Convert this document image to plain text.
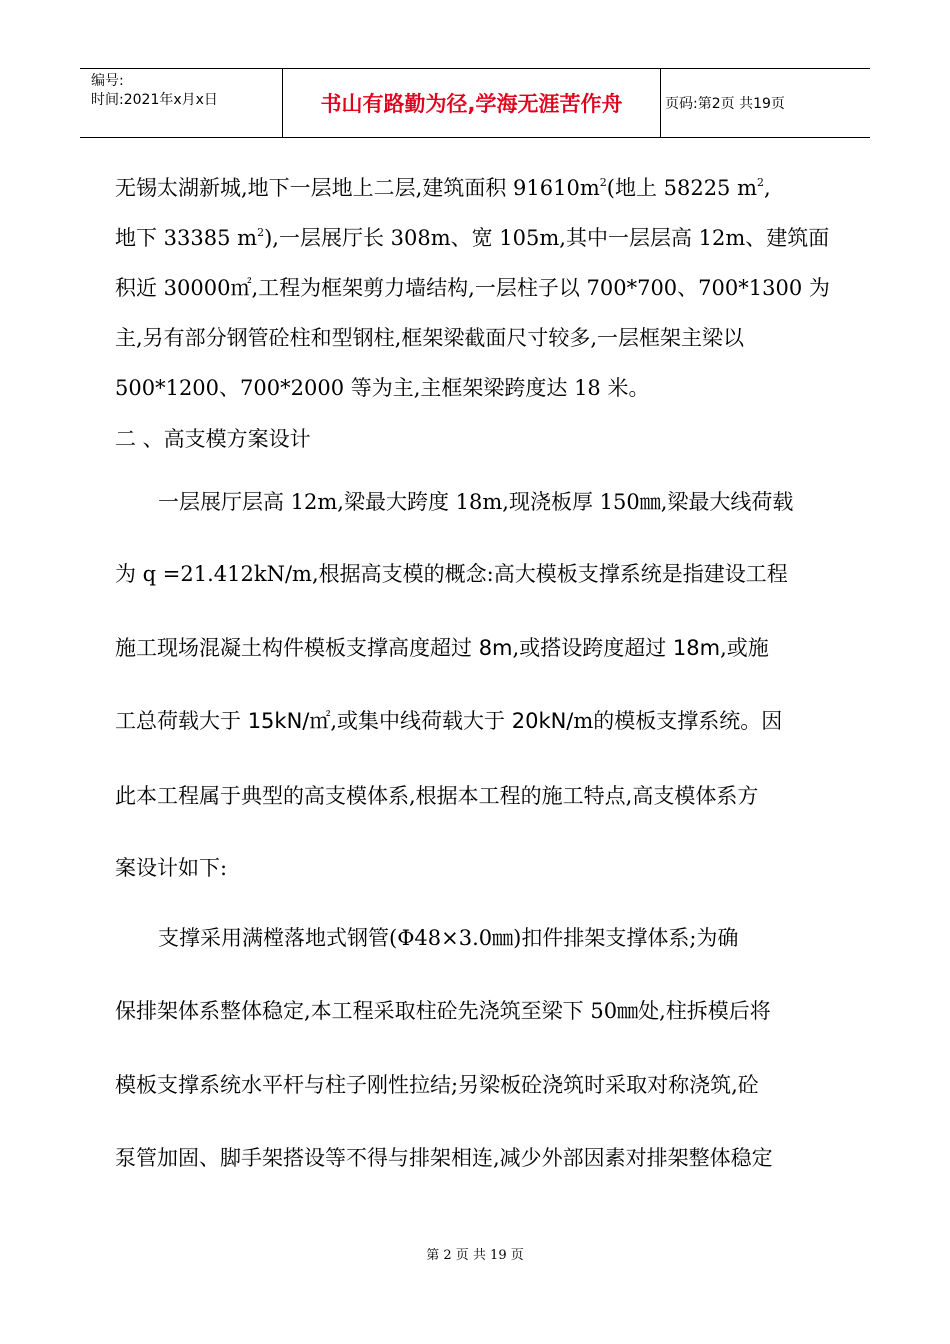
编号:
时间:2021年x月x日	书山有路勤为径,学海无涯苦作舟	页码:第2页 共19页
无锡太湖新城,地下一层地上二层,建筑面积 $91610m^2$(地上 58225 $m^2$,
地下 33385 $m^2$),一层展厅长 308m、宽 105m,其中一层层高 12m、建筑面
积近 30000㎡,工程为框架剪力墙结构,一层柱子以 700*700、700*1300 为
主,另有部分钢管砼柱和型钢柱,框架梁截面尺寸较多,一层框架主梁以
500*1200、700*2000 等为主,主框架梁跨度达 18 米。
二 、高支模方案设计
一层展厅层高 12m,梁最大跨度 18m,现浇板厚 150㎜,梁最大线荷载
为 q =21.412kN/m,根据高支模的概念:高大模板支撑系统是指建设工程
施工现场混凝土构件模板支撑高度超过 8m,或搭设跨度超过 18m,或施
工总荷载大于 15kN/㎡,或集中线荷载大于 20kN/m的模板支撑系统。因
此本工程属于典型的高支模体系,根据本工程的施工特点,高支模体系方
案设计如下:
支撑采用满樘落地式钢管(Φ48×3.0㎜)扣件排架支撑体系;为确
保排架体系整体稳定,本工程采取柱砼先浇筑至梁下 50㎜处,柱拆模后将
模板支撑系统水平杆与柱子刚性拉结;另梁板砼浇筑时采取对称浇筑,砼
泵管加固、脚手架搭设等不得与排架相连,减少外部因素对排架整体稳定
第 2 页 共 19 页
